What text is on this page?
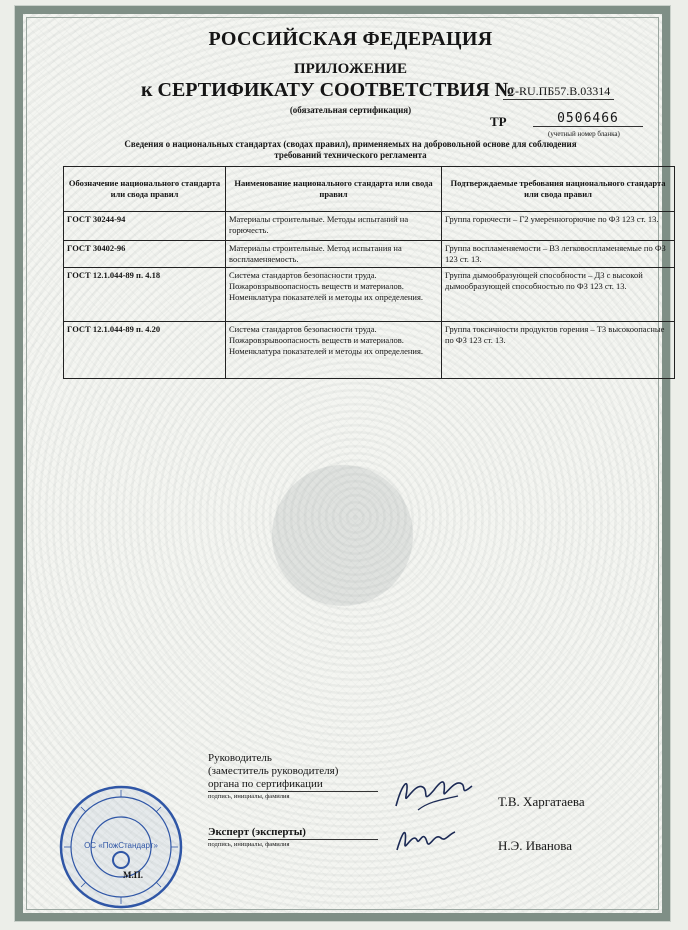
РОССИЙСКАЯ ФЕДЕРАЦИЯ
ПРИЛОЖЕНИЕ
к СЕРТИФИКАТУ СООТВЕТСТВИЯ №
C-RU.ПБ57.В.03314
(обязательная сертификация)
ТР	0506466
(учетный номер бланка)
Сведения о национальных стандартах (сводах правил), применяемых на добровольной основе для соблюдения требований технического регламента
Обозначение национального стандарта или свода правил	Наименование национального стандарта или свода правил	Подтверждаемые требования национального стандарта или свода правил
ГОСТ 30244-94	Материалы строительные. Методы испытаний на горючесть.	Группа горючести – Г2 умеренногорючие по ФЗ 123 ст. 13.
ГОСТ 30402-96	Материалы строительные. Метод испытания на воспламеняемость.	Группа воспламеняемости – В3 легковоспламеняемые по ФЗ 123 ст. 13.
ГОСТ 12.1.044-89 п. 4.18	Система стандартов безопасности труда. Пожаровзрывоопасность веществ и материалов. Номенклатура показателей и методы их определения.	Группа дымообразующей способности – Д3 с высокой дымообразующей способностью по ФЗ 123 ст. 13.
ГОСТ 12.1.044-89 п. 4.20	Система стандартов безопасности труда. Пожаровзрывоопасность веществ и материалов. Номенклатура показателей и методы их определения.	Группа токсичности продуктов горения – Т3 высокоопасные по ФЗ 123 ст. 13.
Руководитель
(заместитель руководителя)
органа по сертификации
подпись, инициалы, фамилия	Т.В. Харгатаева
Эксперт (эксперты)
подпись, инициалы, фамилия	Н.Э. Иванова
OC «ПожСтандарт»
М.П.
